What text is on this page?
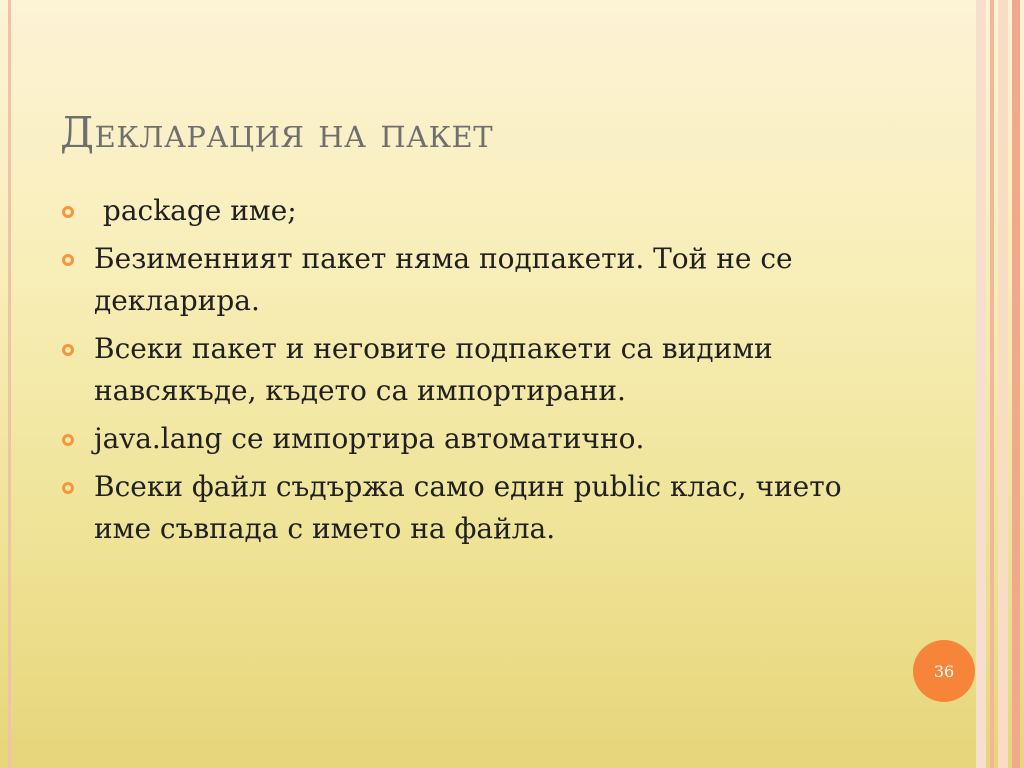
Декларация на пакет
package име;
Безименният пакет няма подпакети. Той не се декларира.
Всеки пакет и неговите подпакети са видими навсякъде, където са импортирани.
java.lang се импортира автоматично.
Всеки файл съдържа само един public клас, чието име съвпада с името на файла.
36
